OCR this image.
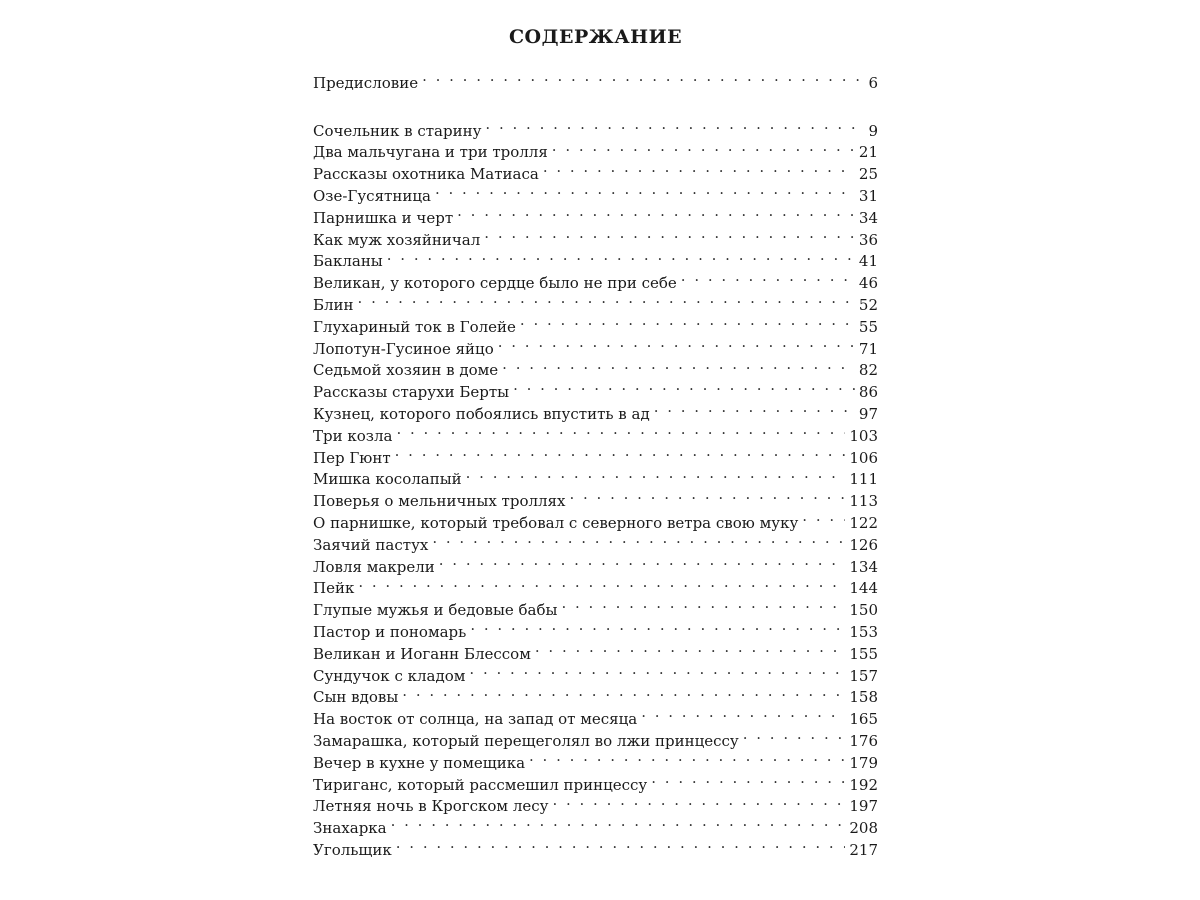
СОДЕРЖАНИЕ
Предисловие . . .	6
Сочельник в старину . . .	9
Два мальчугана и три тролля . . .	21
Рассказы охотника Матиаса . . .	25
Озе-Гусятница . . .	31
Парнишка и черт . . .	34
Как муж хозяйничал . . .	36
Бакланы . . .	41
Великан, у которого сердце было не при себе . . .	46
Блин . . .	52
Глухариный ток в Голейе . . .	55
Лопотун-Гусиное яйцо . . .	71
Седьмой хозяин в доме . . .	82
Рассказы старухи Берты . . .	86
Кузнец, которого побоялись впустить в ад . . .	97
Три козла . . .	103
Пер Гюнт . . .	106
Мишка косолапый . . .	111
Поверья о мельничных троллях . . .	113
О парнишке, который требовал с северного ветра свою муку . . .	122
Заячий пастух . . .	126
Ловля макрели . . .	134
Пейк . . .	144
Глупые мужья и бедовые бабы . . .	150
Пастор и пономарь . . .	153
Великан и Иоганн Блессом . . .	155
Сундучок с кладом . . .	157
Сын вдовы . . .	158
На восток от солнца, на запад от месяца . . .	165
Замарашка, который перещеголял во лжи принцессу . . .	176
Вечер в кухне у помещика . . .	179
Тириганс, который рассмешил принцессу . . .	192
Летняя ночь в Крогском лесу . . .	197
Знахарка . . .	208
Угольщик . . .	217
